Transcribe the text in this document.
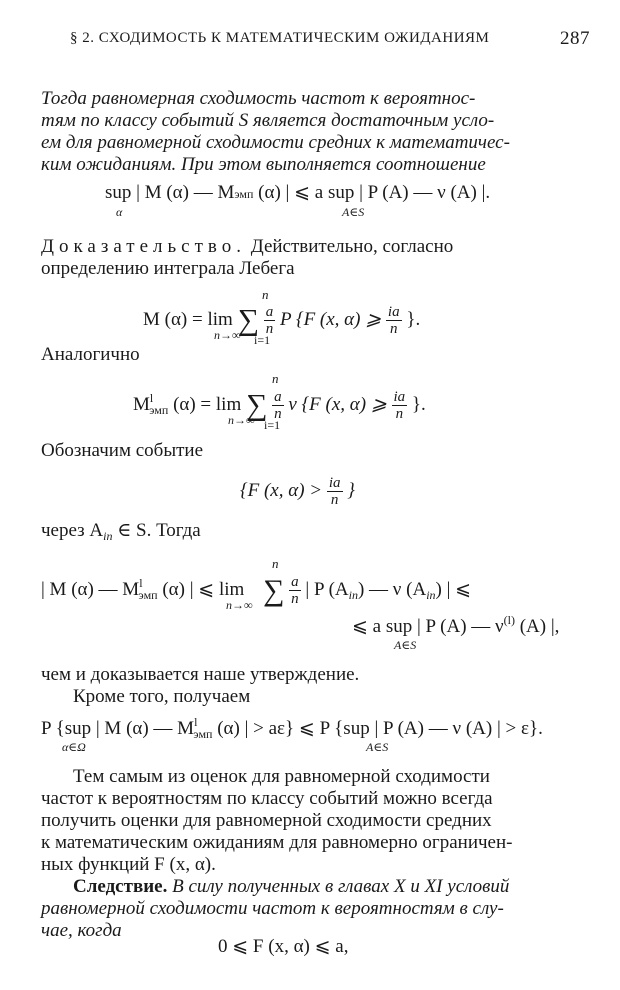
§ 2. СХОДИМОСТЬ К МАТЕМАТИЧЕСКИМ ОЖИДАНИЯМ	287
Тогда равномерная сходимость частот к вероятнос-
тям по классу событий S является достаточным усло-
ем для равномерной сходимости средних к математичес-
ким ожиданиям. При этом выполняется соотношение
sup | M (α) — Mэмп (α) | ⩽ a sup | P (A) — ν (A) |.
α	A∈S
Доказательство. Действительно, согласно
определению интеграла Лебега
M (α) = lim ∑ $\frac{a}{n}$ P {F (x, α) ⩾ $\frac{ia}{n}$ }.
n
i=1
n→∞
Аналогично
$M^l_{эмп}$ (α) = lim ∑ $\frac{a}{n}$ ν {F (x, α) ⩾ $\frac{ia}{n}$ }.
n
i=1
n→∞
Обозначим событие
{F (x, $\alpha) > \frac{ia}{n}$ }
через $A_{in}$ ∈ S. Тогда
| M (α) — $M^l_{эмп}$ (α) | ⩽ lim ∑ $\frac{a}{n}$ | P $(A_{in})$ — ν $(A_{in})$ | ⩽
n
n→∞
⩽ a sup | P (A) — $\nu^{(l)}$ (A) |,
A∈S
чем и доказывается наше утверждение.
Кроме того, получаем
P {sup | M (α) — $M^l_{эмп}$ (α) | > aε} ⩽ P {sup | P (A) — ν (A) | > ε}.
α∈Ω	A∈S
Тем самым из оценок для равномерной сходимости
частот к вероятностям по классу событий можно всегда
получить оценки для равномерной сходимости средних
к математическим ожиданиям для равномерно ограничен-
ных функций F (x, α).
Следствие. В силу полученных в главах X и XI условий
равномерной сходимости частот к вероятностям в слу-
чае, когда
0 ⩽ F (x, α) ⩽ a,
